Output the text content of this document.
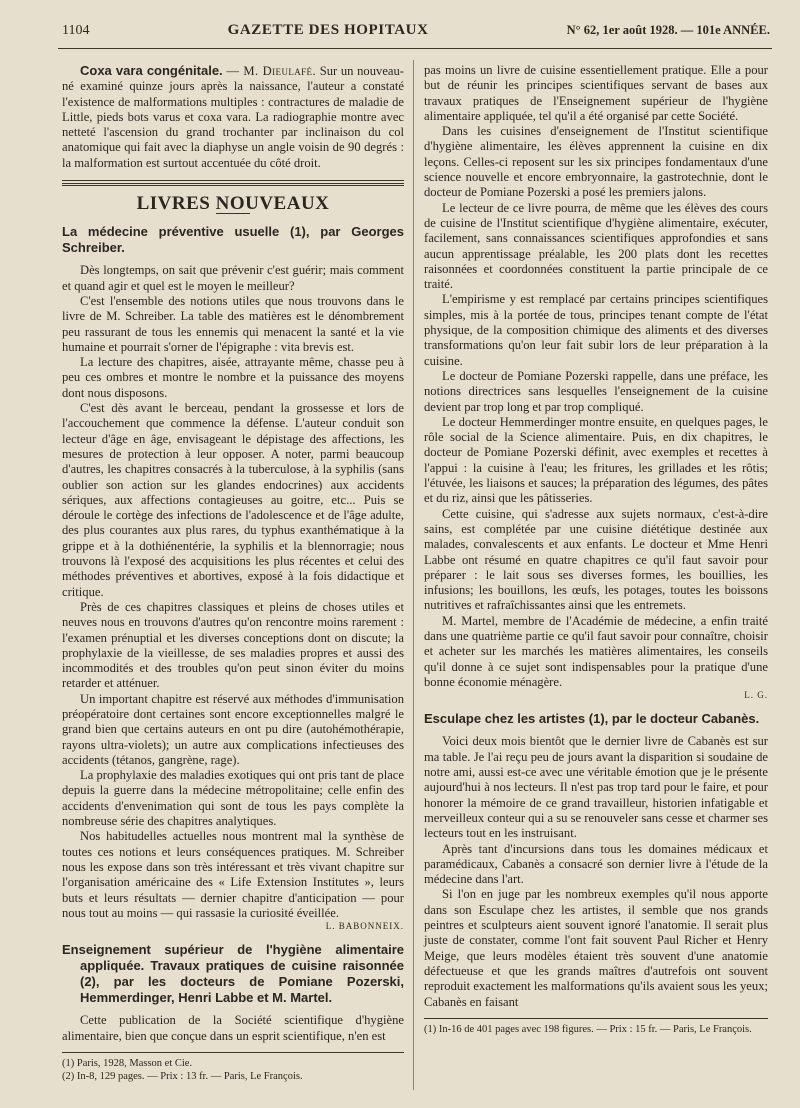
1104	GAZETTE DES HOPITAUX	N° 62, 1er août 1928. — 101e ANNÉE.

Coxa vara congénitale. — M. Dieulafé. Sur un nouveau-né examiné quinze jours après la naissance, l'auteur a constaté l'existence de malformations multiples : contractures de maladie de Little, pieds bots varus et coxa vara. La radiographie montre avec netteté l'ascension du grand trochanter par inclinaison du col anatomique qui fait avec la diaphyse un angle voisin de 90 degrés : la malformation est surtout accentuée du côté droit.

LIVRES NOUVEAUX
La médecine préventive usuelle (1), par Georges Schreiber.

Dès longtemps, on sait que prévenir c'est guérir; mais comment et quand agir et quel est le moyen le meilleur?

C'est l'ensemble des notions utiles que nous trouvons dans le livre de M. Schreiber. La table des matières est le dénombrement peu rassurant de tous les ennemis qui menacent la santé et la vie humaine et pourrait s'orner de l'épigraphe : vita brevis est.

La lecture des chapitres, aisée, attrayante même, chasse peu à peu ces ombres et montre le nombre et la puissance des moyens dont nous disposons.

C'est dès avant le berceau, pendant la grossesse et lors de l'accouchement que commence la défense. L'auteur conduit son lecteur d'âge en âge, envisageant le dépistage des affections, les mesures de protection à leur opposer. A noter, parmi beaucoup d'autres, les chapitres consacrés à la tuberculose, à la syphilis (sans oublier son action sur les glandes endocrines) aux accidents sériques, aux affections contagieuses au goitre, etc... Puis se déroule le cortège des infections de l'adolescence et de l'âge adulte, des plus courantes aux plus rares, du typhus exanthématique à la grippe et à la dothiénentérie, la syphilis et la blennorragie; nous trouvons là l'exposé des acquisitions les plus récentes et celui des méthodes préventives et abortives, exposé à la fois didactique et critique.

Près de ces chapitres classiques et pleins de choses utiles et neuves nous en trouvons d'autres qu'on rencontre moins rarement : l'examen prénuptial et les diverses conceptions dont on discute; la prophylaxie de la vieillesse, de ses maladies propres et aussi des incommodités et des troubles qu'on peut sinon éviter du moins retarder et atténuer.

Un important chapitre est réservé aux méthodes d'immunisation préopératoire dont certaines sont encore exceptionnelles malgré le grand bien que certains auteurs en ont pu dire (autohémothérapie, rayons ultra-violets); un autre aux complications infectieuses des accidents (tétanos, gangrène, rage).

La prophylaxie des maladies exotiques qui ont pris tant de place depuis la guerre dans la médecine métropolitaine; celle enfin des accidents d'envenimation qui sont de tous les pays complète la nombreuse série des chapitres analytiques.

Nos habitudelles actuelles nous montrent mal la synthèse de toutes ces notions et leurs conséquences pratiques. M. Schreiber nous les expose dans son très intéressant et très vivant chapitre sur l'organisation américaine des « Life Extension Institutes », leurs buts et leurs résultats — dernier chapitre d'anticipation — pour nous tout au moins — qui rassasie la curiosité éveillée.

L. BABONNEIX.
Enseignement supérieur de l'hygiène alimentaire appliquée. Travaux pratiques de cuisine raisonnée (2), par les docteurs de Pomiane Pozerski, Hemmerdinger, Henri Labbe et M. Martel.

Cette publication de la Société scientifique d'hygiène alimentaire, bien que conçue dans un esprit scientifique, n'en est

(1) Paris, 1928, Masson et Cie.
(2) In-8, 129 pages. — Prix : 13 fr. — Paris, Le François.

pas moins un livre de cuisine essentiellement pratique. Elle a pour but de réunir les principes scientifiques servant de bases aux travaux pratiques de l'Enseignement supérieur de l'hygiène alimentaire appliquée, tel qu'il a été organisé par cette Société.

Dans les cuisines d'enseignement de l'Institut scientifique d'hygiène alimentaire, les élèves apprennent la cuisine en dix leçons. Celles-ci reposent sur les six principes fondamentaux d'une science nouvelle et encore embryonnaire, la gastrotechnie, dont le docteur de Pomiane Pozerski a posé les premiers jalons.

Le lecteur de ce livre pourra, de même que les élèves des cours de cuisine de l'Institut scientifique d'hygiène alimentaire, exécuter, facilement, sans connaissances scientifiques approfondies et sans aucun apprentissage préalable, les 200 plats dont les recettes raisonnées et coordonnées constituent la partie principale de ce traité.

L'empirisme y est remplacé par certains principes scientifiques simples, mis à la portée de tous, principes tenant compte de l'état physique, de la composition chimique des aliments et des diverses transformations qu'on leur fait subir lors de leur préparation à la cuisine.

Le docteur de Pomiane Pozerski rappelle, dans une préface, les notions directrices sans lesquelles l'enseignement de la cuisine devient par trop long et par trop compliqué.

Le docteur Hemmerdinger montre ensuite, en quelques pages, le rôle social de la Science alimentaire. Puis, en dix chapitres, le docteur de Pomiane Pozerski définit, avec exemples et recettes à l'appui : la cuisine à l'eau; les fritures, les grillades et les rôtis; l'étuvée, les liaisons et sauces; la préparation des légumes, des pâtes et du riz, ainsi que les pâtisseries.

Cette cuisine, qui s'adresse aux sujets normaux, c'est-à-dire sains, est complétée par une cuisine diététique destinée aux malades, convalescents et aux enfants. Le docteur et Mme Henri Labbe ont résumé en quatre chapitres ce qu'il faut savoir pour préparer : le lait sous ses diverses formes, les bouillies, les infusions; les bouillons, les œufs, les potages, toutes les boissons nutritives et rafraîchissantes ainsi que les entremets.

M. Martel, membre de l'Académie de médecine, a enfin traité dans une quatrième partie ce qu'il faut savoir pour connaître, choisir et acheter sur les marchés les matières alimentaires, les conseils qu'il donne à ce sujet sont indispensables pour la pratique d'une bonne économie ménagère.

L. G.
Esculape chez les artistes (1), par le docteur Cabanès.

Voici deux mois bientôt que le dernier livre de Cabanès est sur ma table. Je l'ai reçu peu de jours avant la disparition si soudaine de notre ami, aussi est-ce avec une véritable émotion que je le présente aujourd'hui à nos lecteurs. Il n'est pas trop tard pour le faire, et pour honorer la mémoire de ce grand travailleur, historien infatigable et merveilleux conteur qui a su se renouveler sans cesse et charmer ses lecteurs tout en les instruisant.

Après tant d'incursions dans tous les domaines médicaux et paramédicaux, Cabanès a consacré son dernier livre à l'étude de la médecine dans l'art.

Si l'on en juge par les nombreux exemples qu'il nous apporte dans son Esculape chez les artistes, il semble que nos grands peintres et sculpteurs aient souvent ignoré l'anatomie. Il serait plus juste de constater, comme l'ont fait souvent Paul Richer et Henry Meige, que leurs modèles étaient très souvent d'une anatomie défectueuse et que les grands maîtres d'autrefois ont souvent reproduit exactement les malformations qu'ils avaient sous les yeux; Cabanès en faisant

(1) In-16 de 401 pages avec 198 figures. — Prix : 15 fr. — Paris, Le François.
